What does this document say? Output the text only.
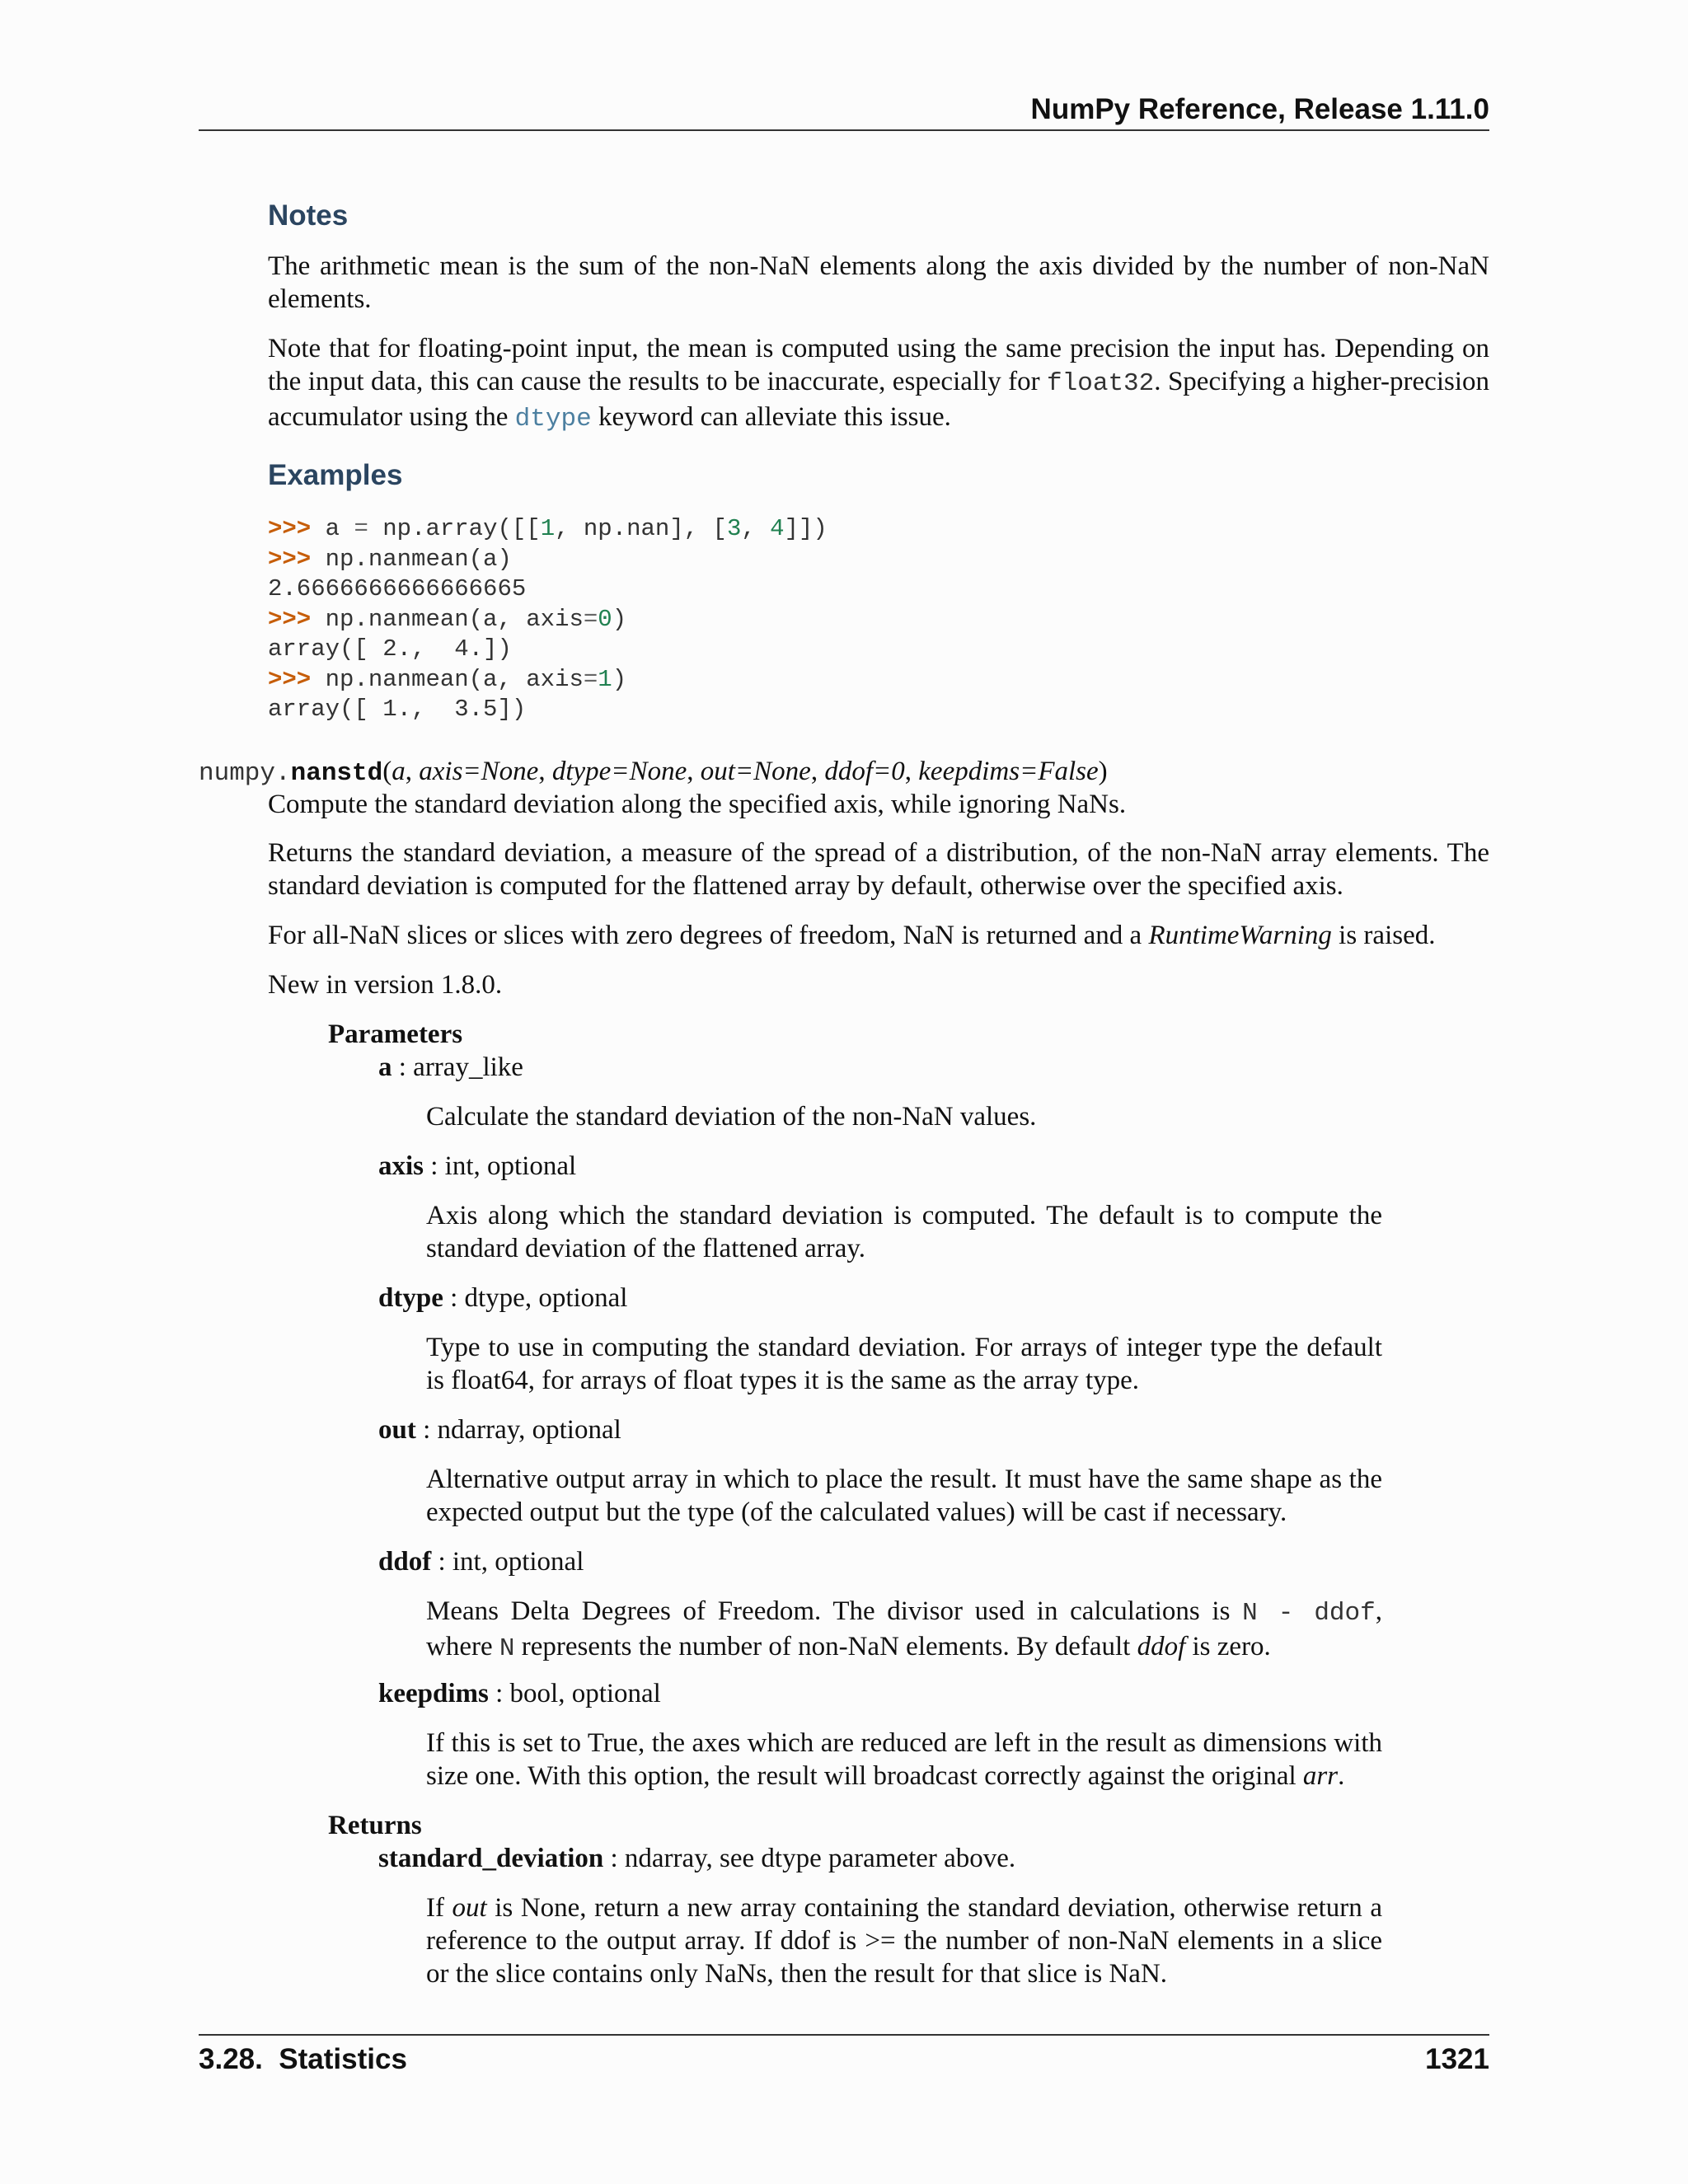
NumPy Reference, Release 1.11.0
Notes
The arithmetic mean is the sum of the non-NaN elements along the axis divided by the number of non-NaN elements.
Note that for floating-point input, the mean is computed using the same precision the input has. Depending on the input data, this can cause the results to be inaccurate, especially for float32. Specifying a higher-precision accumulator using the dtype keyword can alleviate this issue.
Examples
>>> a = np.array([[1, np.nan], [3, 4]])
>>> np.nanmean(a)
2.6666666666666665
>>> np.nanmean(a, axis=0)
array([ 2.,  4.])
>>> np.nanmean(a, axis=1)
array([ 1.,  3.5])
numpy.nanstd(a, axis=None, dtype=None, out=None, ddof=0, keepdims=False)
Compute the standard deviation along the specified axis, while ignoring NaNs.
Returns the standard deviation, a measure of the spread of a distribution, of the non-NaN array elements. The standard deviation is computed for the flattened array by default, otherwise over the specified axis.
For all-NaN slices or slices with zero degrees of freedom, NaN is returned and a RuntimeWarning is raised.
New in version 1.8.0.
Parameters
a : array_like
Calculate the standard deviation of the non-NaN values.
axis : int, optional
Axis along which the standard deviation is computed. The default is to compute the standard deviation of the flattened array.
dtype : dtype, optional
Type to use in computing the standard deviation. For arrays of integer type the default is float64, for arrays of float types it is the same as the array type.
out : ndarray, optional
Alternative output array in which to place the result. It must have the same shape as the expected output but the type (of the calculated values) will be cast if necessary.
ddof : int, optional
Means Delta Degrees of Freedom. The divisor used in calculations is N - ddof, where N represents the number of non-NaN elements. By default ddof is zero.
keepdims : bool, optional
If this is set to True, the axes which are reduced are left in the result as dimensions with size one. With this option, the result will broadcast correctly against the original arr.
Returns
standard_deviation : ndarray, see dtype parameter above.
If out is None, return a new array containing the standard deviation, otherwise return a reference to the output array. If ddof is >= the number of non-NaN elements in a slice or the slice contains only NaNs, then the result for that slice is NaN.
3.28.  Statistics	1321
